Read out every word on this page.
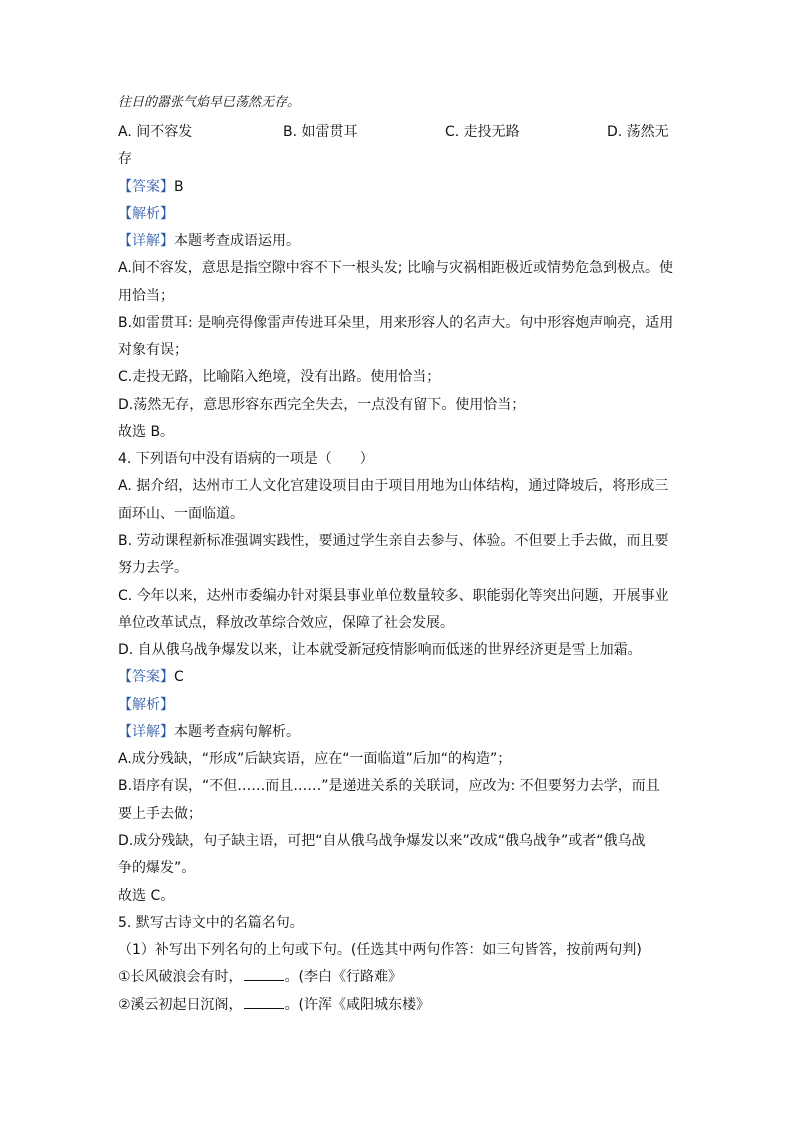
往日的嚣张气焰早已荡然无存。
A. 间不容发	B. 如雷贯耳	C. 走投无路	D. 荡然无
存
【答案】B
【解析】
【详解】本题考查成语运用。
A.间不容发，意思是指空隙中容不下一根头发; 比喻与灾祸相距极近或情势危急到极点。使
用恰当；
B.如雷贯耳: 是响亮得像雷声传进耳朵里，用来形容人的名声大。句中形容炮声响亮，适用
对象有误；
C.走投无路，比喻陷入绝境，没有出路。使用恰当；
D.荡然无存，意思形容东西完全失去，一点没有留下。使用恰当；
故选 B。
4. 下列语句中没有语病的一项是（　　）
A. 据介绍，达州市工人文化宫建设项目由于项目用地为山体结构，通过降坡后，将形成三
面环山、一面临道。
B. 劳动课程新标准强调实践性，要通过学生亲自去参与、体验。不但要上手去做，而且要
努力去学。
C. 今年以来，达州市委编办针对渠县事业单位数量较多、职能弱化等突出问题，开展事业
单位改革试点，释放改革综合效应，保障了社会发展。
D. 自从俄乌战争爆发以来，让本就受新冠疫情影响而低迷的世界经济更是雪上加霜。
【答案】C
【解析】
【详解】本题考查病句解析。
A.成分残缺，“形成”后缺宾语，应在“一面临道”后加“的构造”；
B.语序有误，“不但……而且……”是递进关系的关联词，应改为: 不但要努力去学，而且
要上手去做；
D.成分残缺，句子缺主语，可把“自从俄乌战争爆发以来”改成“俄乌战争”或者“俄乌战
争的爆发”。
故选 C。
5. 默写古诗文中的名篇名句。
（1）补写出下列名句的上句或下句。(任选其中两句作答：如三句皆答，按前两句判)
①长风破浪会有时，	。(李白《行路难》
②溪云初起日沉阁，	。(许浑《咸阳城东楼》
